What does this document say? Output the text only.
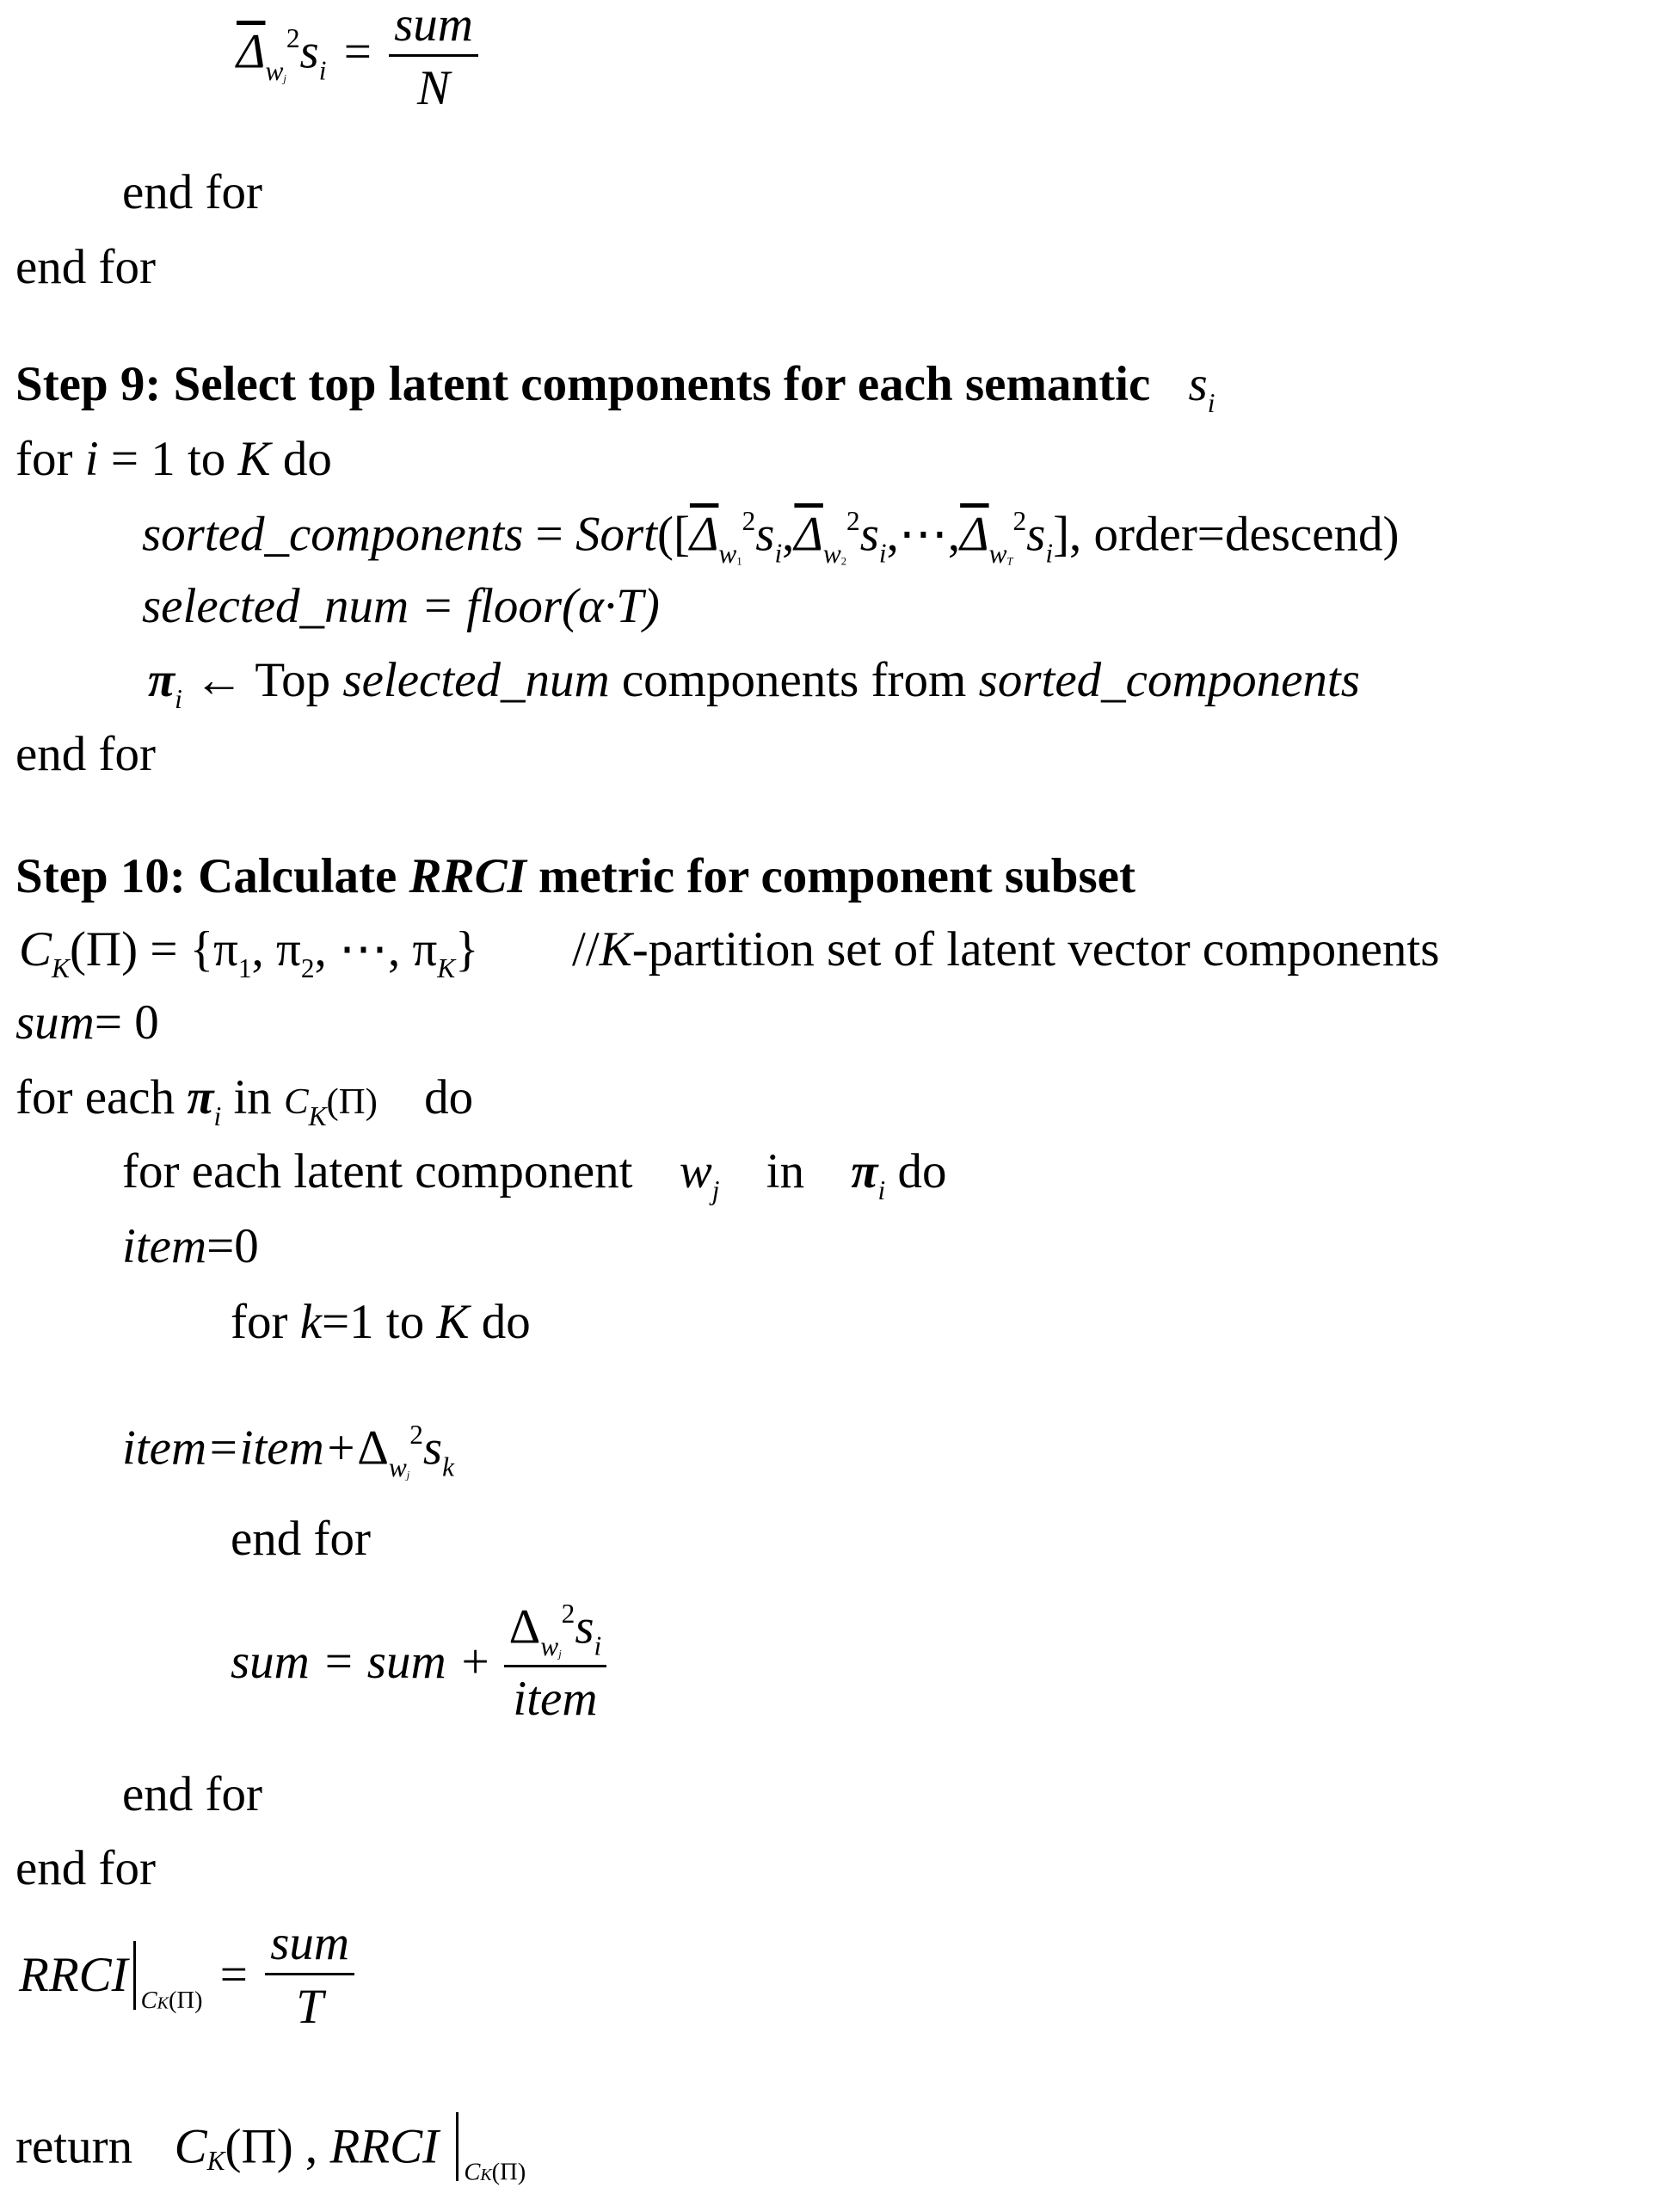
$\overline{\Delta}_{wj}^2s_i = \frac{\text{sum}}{N}$
end for
end for
Step 9: Select top latent components for each semantic $s_i$
for i = 1 to K do
sorted_components = $Sort([\overline{\Delta}_{w1}^2s_i,\overline{\Delta}_{w2}^2s_i,\cdots,\overline{\Delta}_{wT}^2s_i]$, order=descend)
selected_num = floor(α·T)
$\pi_i$ ← Top selected_num components from sorted_components
end for
Step 10: Calculate RRCI metric for component subset
$C_K(\Pi) = \{\pi_1$, $\pi_2$, ⋯, $\pi_K$} //K-partition set of latent vector components
sum= 0
for each $\pi_i$ in $C_K(\Pi)$ do
for each latent component $w_j$ in $\pi_i$ do
item=0
for k=1 to K do
$item=item+\Delta_{wj}^2s_k$
end for
sum = sum + $\frac{\Delta_{wj}^2s_i}{\text{item}}$
end for
end for
RRCI $_{CK(\Pi)} = \frac{\text{sum}}{T}$
return $C_K(\Pi)$ , RRCI $_{CK(\Pi)}$
